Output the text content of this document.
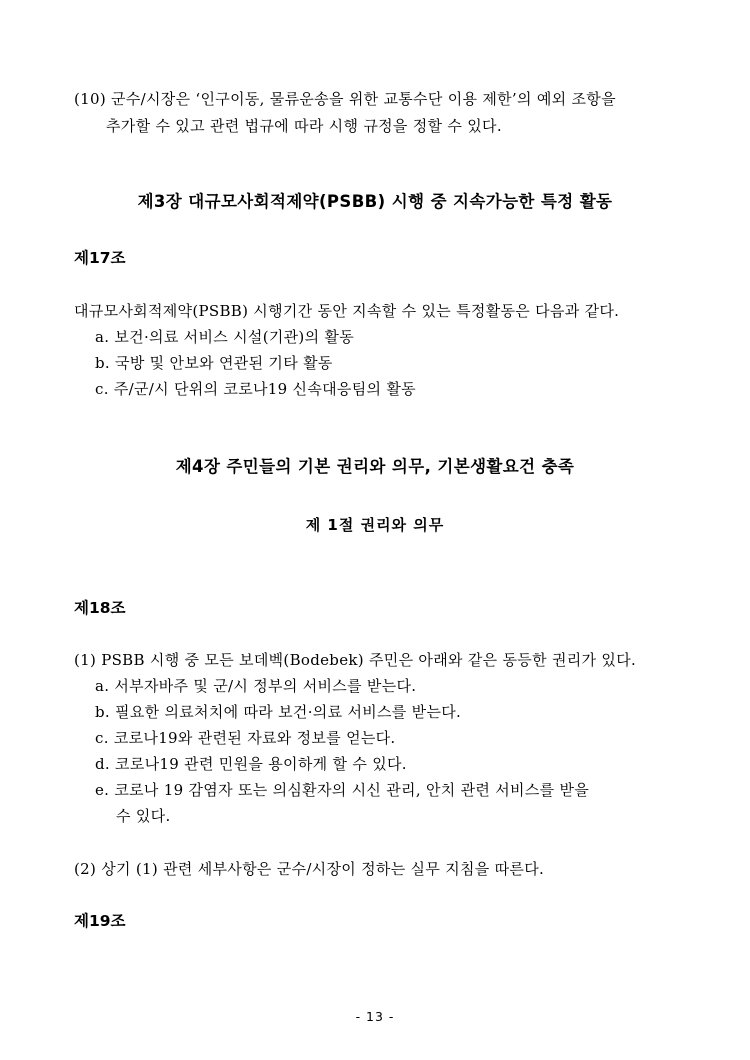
(10) 군수/시장은 ‘인구이동, 물류운송을 위한 교통수단 이용 제한’의 예외 조항을
추가할 수 있고 관련 법규에 따라 시행 규정을 정할 수 있다.
제3장 대규모사회적제약(PSBB) 시행 중 지속가능한 특정 활동
제17조
대규모사회적제약(PSBB) 시행기간 동안 지속할 수 있는 특정활동은 다음과 같다.
a. 보건·의료 서비스 시설(기관)의 활동
b. 국방 및 안보와 연관된 기타 활동
c. 주/군/시 단위의 코로나19 신속대응팀의 활동
제4장 주민들의 기본 권리와 의무, 기본생활요건 충족
제 1절 권리와 의무
제18조
(1) PSBB 시행 중 모든 보데벡(Bodebek) 주민은 아래와 같은 동등한 권리가 있다.
a. 서부자바주 및 군/시 정부의 서비스를 받는다.
b. 필요한 의료처치에 따라 보건·의료 서비스를 받는다.
c. 코로나19와 관련된 자료와 정보를 얻는다.
d. 코로나19 관련 민원을 용이하게 할 수 있다.
e. 코로나 19 감염자 또는 의심환자의 시신 관리, 안치 관련 서비스를 받을
수 있다.
(2) 상기 (1) 관련 세부사항은 군수/시장이 정하는 실무 지침을 따른다.
제19조
- 13 -
